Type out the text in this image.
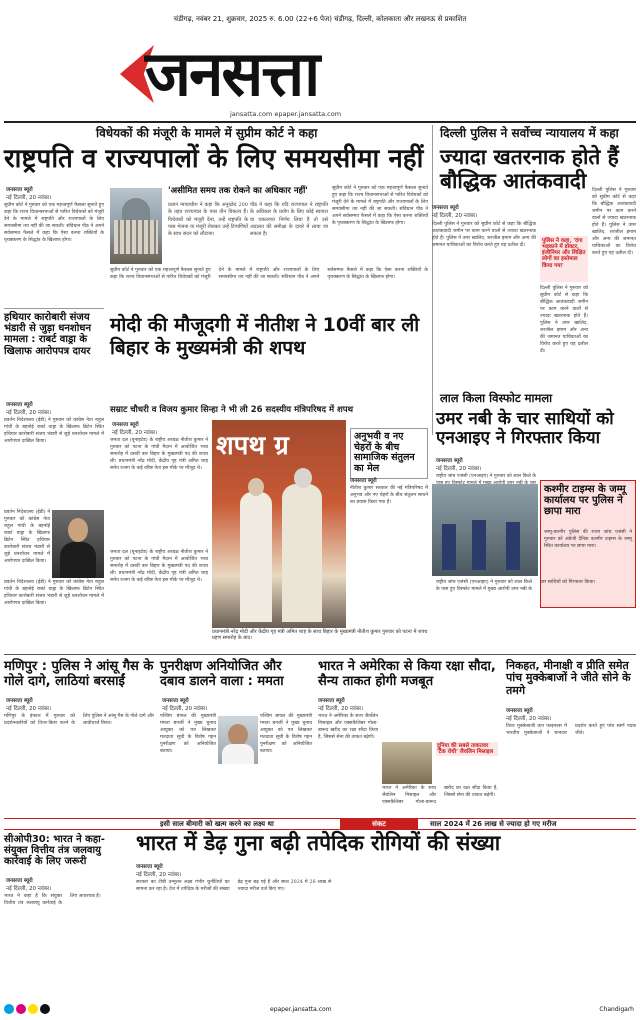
चंडीगढ़, नवंबर 21, शुक्रवार, 2025 रु. 6.00 (22+6 पेज) चंडीगढ़, दिल्ली, कोलकाता और लखनऊ से प्रकाशित
जनसत्ता
jansatta.com epaper.jansatta.com
विधेयकों की मंजूरी के मामले में सुप्रीम कोर्ट ने कहा
राष्ट्रपति व राज्यपालों के लिए समयसीमा नहीं
जनसत्ता ब्यूरो
नई दिल्ली, 20 नवंबर।
सुप्रीम कोर्ट ने गुरुवार को एक महत्त्वपूर्ण फैसला सुनाते हुए कहा कि राज्य विधानसभाओं से पारित विधेयकों को मंजूरी देने के मामले में राष्ट्रपति और राज्यपालों के लिए समयसीमा तय नहीं की जा सकती। संविधान पीठ ने अपने सर्वसम्मत फैसले में कहा कि ऐसा करना शक्तियों के पृथक्करण के सिद्धांत के खिलाफ होगा।
'असीमित समय तक रोकने का अधिकार नहीं'
प्रधान न्यायाधीश ने कहा कि अनुच्छेद 200 के तहत राज्यपाल के पास तीन विकल्प हैं। विधेयकों को मंजूरी देना, उन्हें राष्ट्रपति के पास भेजना या मंजूरी रोककर उन्हें टिप्पणियों के साथ सदन को लौटाना।
पीठ ने कहा कि यदि राज्यपाल ने राष्ट्रपति के अधिकार के प्रयोग के लिए कोई स्वायत्त या एकतरफा निर्णय लिया है तो उसे अदालत की समीक्षा के दायरे में लाया जा सकता है।
सुप्रीम कोर्ट ने गुरुवार को एक महत्त्वपूर्ण फैसला सुनाते हुए कहा कि राज्य विधानसभाओं से पारित विधेयकों को मंजूरी देने के मामले में राष्ट्रपति और राज्यपालों के लिए समयसीमा तय नहीं की जा सकती। संविधान पीठ ने अपने सर्वसम्मत फैसले में कहा कि ऐसा करना शक्तियों के पृथक्करण के सिद्धांत के खिलाफ होगा।
सुप्रीम कोर्ट ने गुरुवार को एक महत्त्वपूर्ण फैसला सुनाते हुए कहा कि राज्य विधानसभाओं से पारित विधेयकों को मंजूरी देने के मामले में राष्ट्रपति और राज्यपालों के लिए समयसीमा तय नहीं की जा सकती। संविधान पीठ ने अपने सर्वसम्मत फैसले में कहा कि ऐसा करना शक्तियों के पृथक्करण के सिद्धांत के खिलाफ होगा।
दिल्ली पुलिस ने सर्वोच्च न्यायालय में कहा
ज्यादा खतरनाक होते हैं बौद्धिक आतंकवादी
जनसत्ता ब्यूरो
नई दिल्ली, 20 नवंबर।
दिल्ली पुलिस ने गुरुवार को सुप्रीम कोर्ट से कहा कि बौद्धिक आतंकवादी जमीन पर काम करने वालों से ज्यादा खतरनाक होते हैं। पुलिस ने उमर खालिद, शरजील इमाम और अन्य की जमानत याचिकाओं का विरोध करते हुए यह दलील दी।
पुलिस ने कहा, 'दंगा भड़काने में डॉक्टर, इंजीनियर और शिक्षित लोगों का इस्तेमाल किया गया'
दिल्ली पुलिस ने गुरुवार को सुप्रीम कोर्ट से कहा कि बौद्धिक आतंकवादी जमीन पर काम करने वालों से ज्यादा खतरनाक होते हैं। पुलिस ने उमर खालिद, शरजील इमाम और अन्य की जमानत याचिकाओं का विरोध करते हुए यह दलील दी।
दिल्ली पुलिस ने गुरुवार को सुप्रीम कोर्ट से कहा कि बौद्धिक आतंकवादी जमीन पर काम करने वालों से ज्यादा खतरनाक होते हैं। पुलिस ने उमर खालिद, शरजील इमाम और अन्य की जमानत याचिकाओं का विरोध करते हुए यह दलील दी।
हथियार कारोबारी संजय भंडारी से जुड़ा धनशोधन मामला : राबर्ट वाड्रा के खिलाफ आरोपपत्र दायर
जनसत्ता ब्यूरो
नई दिल्ली, 20 नवंबर।
प्रवर्तन निदेशालय (ईडी) ने गुरुवार को कांग्रेस नेता राहुल गांधी के बहनोई राबर्ट वाड्रा के खिलाफ ब्रिटेन स्थित हथियार कारोबारी संजय भंडारी से जुड़े धनशोधन मामले में आरोपपत्र दाखिल किया।
प्रवर्तन निदेशालय (ईडी) ने गुरुवार को कांग्रेस नेता राहुल गांधी के बहनोई राबर्ट वाड्रा के खिलाफ ब्रिटेन स्थित हथियार कारोबारी संजय भंडारी से जुड़े धनशोधन मामले में आरोपपत्र दाखिल किया।
प्रवर्तन निदेशालय (ईडी) ने गुरुवार को कांग्रेस नेता राहुल गांधी के बहनोई राबर्ट वाड्रा के खिलाफ ब्रिटेन स्थित हथियार कारोबारी संजय भंडारी से जुड़े धनशोधन मामले में आरोपपत्र दाखिल किया।
मोदी की मौजूदगी में नीतीश ने 10वीं बार ली बिहार के मुख्यमंत्री की शपथ
सम्राट चौधरी व विजय कुमार सिन्हा ने भी ली 26 सदस्यीय मंत्रिपरिषद में शपथ
जनसत्ता ब्यूरो
नई दिल्ली, 20 नवंबर।
जनता दल (यूनाइटेड) के राष्ट्रीय अध्यक्ष नीतीश कुमार ने गुरुवार को पटना के गांधी मैदान में आयोजित भव्य समारोह में दसवीं बार बिहार के मुख्यमंत्री पद की शपथ ली। प्रधानमंत्री नरेंद्र मोदी, केंद्रीय गृह मंत्री अमित शाह समेत राजग के कई वरिष्ठ नेता इस मौके पर मौजूद थे।
शपथ ग्र	अनुभवी व नए चेहरों के बीच सामाजिक संतुलन का मेल
जनसत्ता ब्यूरो
नीतीश कुमार सरकार की नई मंत्रिपरिषद में अनुभव और नए चेहरों के बीच संतुलन साधने का प्रयास किया गया है।
जनता दल (यूनाइटेड) के राष्ट्रीय अध्यक्ष नीतीश कुमार ने गुरुवार को पटना के गांधी मैदान में आयोजित भव्य समारोह में दसवीं बार बिहार के मुख्यमंत्री पद की शपथ ली। प्रधानमंत्री नरेंद्र मोदी, केंद्रीय गृह मंत्री अमित शाह समेत राजग के कई वरिष्ठ नेता इस मौके पर मौजूद थे।
प्रधानमंत्री नरेंद्र मोदी और केंद्रीय गृह मंत्री अमित शाह के साथ बिहार के मुख्यमंत्री नीतीश कुमार गुरुवार को पटना में शपथ ग्रहण समारोह के बाद।
लाल किला विस्फोट मामला
उमर नबी के चार साथियों को एनआइए ने गिरफ्तार किया
जनसत्ता ब्यूरो
नई दिल्ली, 20 नवंबर।
राष्ट्रीय जांच एजंसी (एनआइए) ने गुरुवार को लाल किले के
कश्मीर टाइम्स के जम्मू कार्यालय पर पुलिस ने छापा मारा
जम्मू-कश्मीर पुलिस की राज्य जांच एजंसी ने गुरुवार को अंग्रेजी दैनिक कश्मीर टाइम्स के जम्मू स्थित कार्यालय पर छापा मारा।
राष्ट्रीय जांच एजंसी (एनआइए) ने गुरुवार को लाल किले के पास हुए विस्फोट मामले में मुख्य आरोपी उमर नबी के चार साथियों को गिरफ्तार किया।
मणिपुर : पुलिस ने आंसू गैस के गोले दागे, लाठियां बरसाईं
जनसत्ता ब्यूरो
नई दिल्ली, 20 नवंबर।
मणिपुर के इंफाल में गुरुवार को प्रदर्शनकारियों को तितर-बितर करने के लिए पुलिस ने आंसू गैस के गोले दागे और लाठीचार्ज किया।
पुनरीक्षण अनियोजित और दबाव डालने वाला : ममता
जनसत्ता ब्यूरो
नई दिल्ली, 20 नवंबर।
पश्चिम बंगाल की मुख्यमंत्री ममता बनर्जी ने मुख्य चुनाव आयुक्त को पत्र लिखकर मतदाता सूची के विशेष गहन पुनरीक्षण को अनियोजित बताया।
पश्चिम बंगाल की मुख्यमंत्री ममता बनर्जी ने मुख्य चुनाव आयुक्त को पत्र लिखकर मतदाता सूची के विशेष गहन पुनरीक्षण को अनियोजित बताया।
भारत ने अमेरिका से किया रक्षा सौदा, सैन्य ताकत होगी मजबूत
जनसत्ता ब्यूरो
नई दिल्ली, 20 नवंबर।
भारत ने अमेरिका के साथ जैवलिन मिसाइल और एक्सकैलिबर गोला-बारूद खरीद का रक्षा सौदा किया है, जिससे सेना की ताकत बढ़ेगी।
दुनिया की सबसे ताकतवर 'टैंक रोधी' जैवलिन मिसाइल
भारत ने अमेरिका के साथ जैवलिन मिसाइल और एक्सकैलिबर गोला-बारूद खरीद का रक्षा सौदा किया है, जिससे सेना की ताकत बढ़ेगी।
निकहत, मीनाक्षी व प्रीति समेत पांच मुक्केबाजों ने जीते सोने के तमगे
जनसत्ता ब्यूरो
नई दिल्ली, 20 नवंबर।
विश्व मुक्केबाजी कप फाइनल्स में भारतीय मुक्केबाजों ने शानदार प्रदर्शन करते हुए पांच स्वर्ण पदक जीते।
इसी साल बीमारी को खत्म करने का लक्ष्य था	संकट	साल 2024 में 26 लाख से ज्यादा हो गए मरीज
सीओपी30: भारत ने कहा- संयुक्त वित्तीय तंत्र जलवायु कार्रवाई के लिए जरूरी
जनसत्ता ब्यूरो
नई दिल्ली, 20 नवंबर।
भारत ने कहा है कि संयुक्त वित्तीय तंत्र जलवायु कार्रवाई के लिए आवश्यक है।
भारत में डेढ़ गुना बढ़ी तपेदिक रोगियों की संख्या
जनसत्ता ब्यूरो
नई दिल्ली, 20 नवंबर।
सरकार का टीबी उन्मूलन लक्ष्य गंभीर चुनौतियों का सामना कर रहा है। देश में तपेदिक के मरीजों की संख्या डेढ़ गुना बढ़ गई है और साल 2024 में 26 लाख से ज्यादा मरीज दर्ज किए गए।

epaper.jansatta.com	Chandigarh
